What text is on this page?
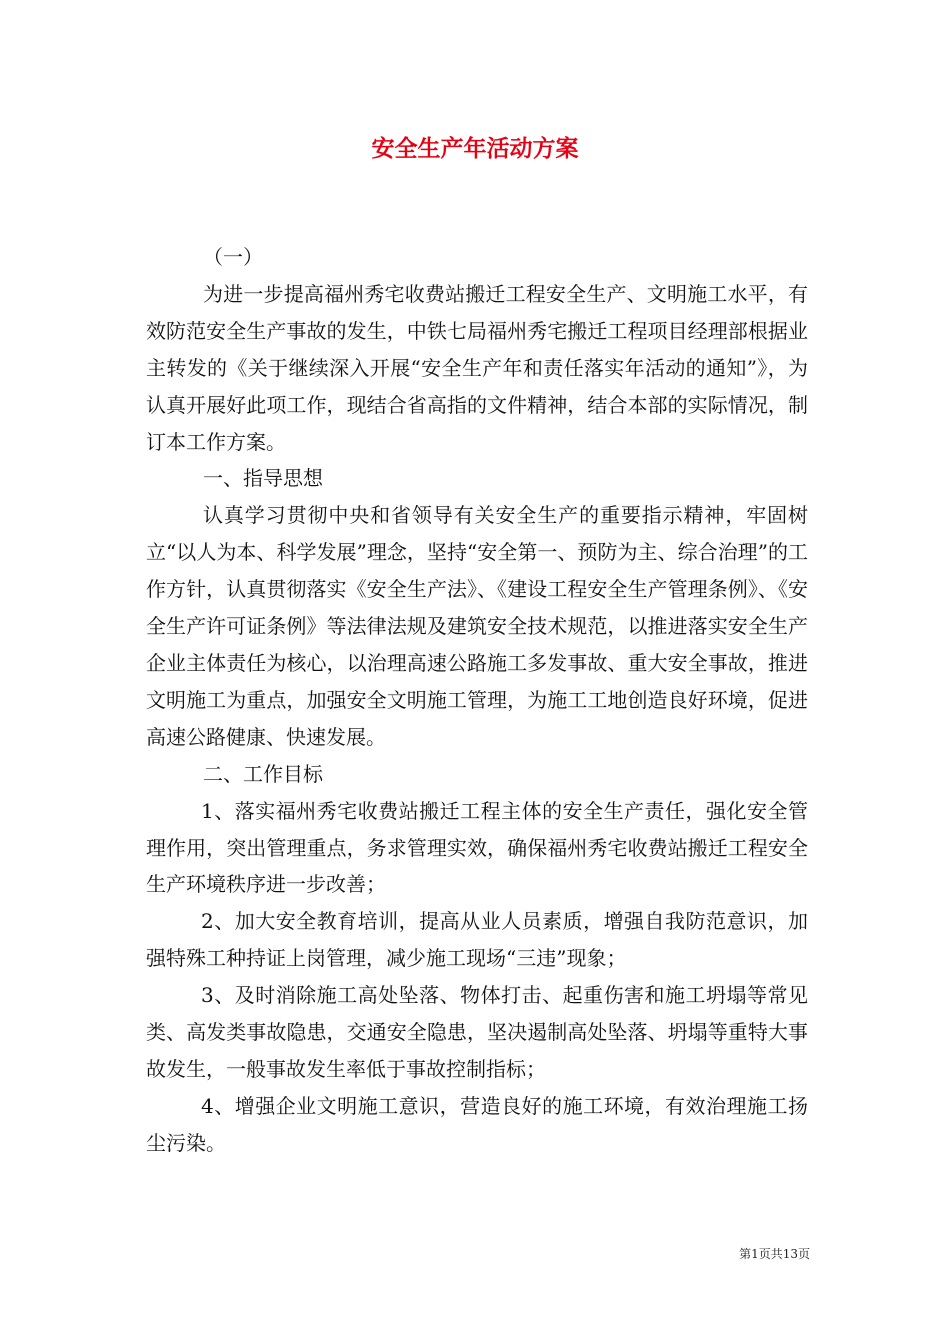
安全生产年活动方案

（一）

为进一步提高福州秀宅收费站搬迁工程安全生产、文明施工水平，有效防范安全生产事故的发生，中铁七局福州秀宅搬迁工程项目经理部根据业主转发的《关于继续深入开展“安全生产年和责任落实年活动的通知”》，为认真开展好此项工作，现结合省高指的文件精神，结合本部的实际情况，制订本工作方案。

一、指导思想

认真学习贯彻中央和省领导有关安全生产的重要指示精神，牢固树立“以人为本、科学发展”理念，坚持“安全第一、预防为主、综合治理”的工作方针，认真贯彻落实《安全生产法》、《建设工程安全生产管理条例》、《安全生产许可证条例》等法律法规及建筑安全技术规范，以推进落实安全生产企业主体责任为核心，以治理高速公路施工多发事故、重大安全事故，推进文明施工为重点，加强安全文明施工管理，为施工工地创造良好环境，促进高速公路健康、快速发展。

二、工作目标

1、落实福州秀宅收费站搬迁工程主体的安全生产责任，强化安全管理作用，突出管理重点，务求管理实效，确保福州秀宅收费站搬迁工程安全生产环境秩序进一步改善；

2、加大安全教育培训，提高从业人员素质，增强自我防范意识，加强特殊工种持证上岗管理，减少施工现场“三违”现象；

3、及时消除施工高处坠落、物体打击、起重伤害和施工坍塌等常见类、高发类事故隐患，交通安全隐患，坚决遏制高处坠落、坍塌等重特大事故发生，一般事故发生率低于事故控制指标；

4、增强企业文明施工意识，营造良好的施工环境，有效治理施工扬尘污染。

第1页共13页
